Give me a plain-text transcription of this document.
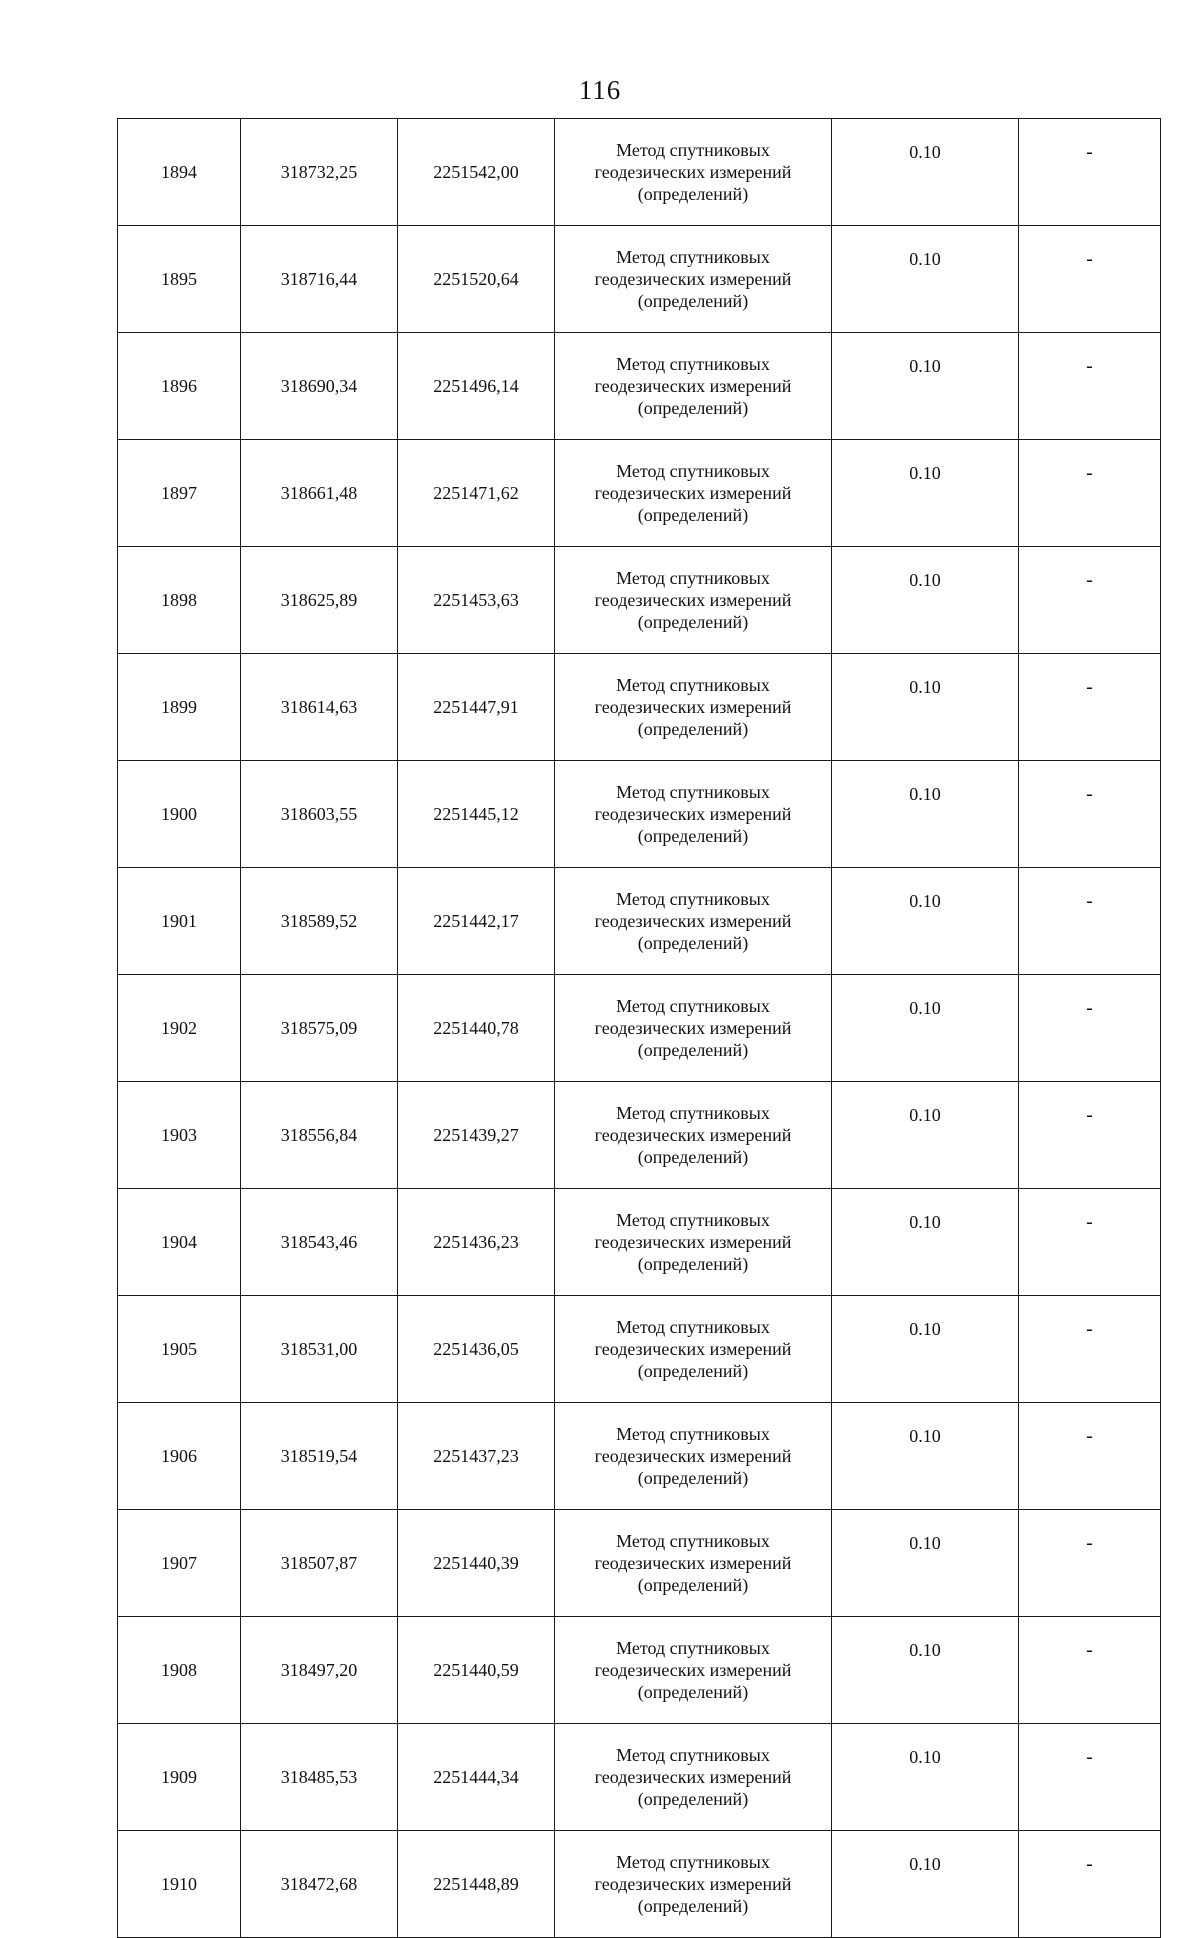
116
1894	318732,25	2251542,00	Метод спутниковых
геодезических измерений
(определений)	0.10	-
1895	318716,44	2251520,64	Метод спутниковых
геодезических измерений
(определений)	0.10	-
1896	318690,34	2251496,14	Метод спутниковых
геодезических измерений
(определений)	0.10	-
1897	318661,48	2251471,62	Метод спутниковых
геодезических измерений
(определений)	0.10	-
1898	318625,89	2251453,63	Метод спутниковых
геодезических измерений
(определений)	0.10	-
1899	318614,63	2251447,91	Метод спутниковых
геодезических измерений
(определений)	0.10	-
1900	318603,55	2251445,12	Метод спутниковых
геодезических измерений
(определений)	0.10	-
1901	318589,52	2251442,17	Метод спутниковых
геодезических измерений
(определений)	0.10	-
1902	318575,09	2251440,78	Метод спутниковых
геодезических измерений
(определений)	0.10	-
1903	318556,84	2251439,27	Метод спутниковых
геодезических измерений
(определений)	0.10	-
1904	318543,46	2251436,23	Метод спутниковых
геодезических измерений
(определений)	0.10	-
1905	318531,00	2251436,05	Метод спутниковых
геодезических измерений
(определений)	0.10	-
1906	318519,54	2251437,23	Метод спутниковых
геодезических измерений
(определений)	0.10	-
1907	318507,87	2251440,39	Метод спутниковых
геодезических измерений
(определений)	0.10	-
1908	318497,20	2251440,59	Метод спутниковых
геодезических измерений
(определений)	0.10	-
1909	318485,53	2251444,34	Метод спутниковых
геодезических измерений
(определений)	0.10	-
1910	318472,68	2251448,89	Метод спутниковых
геодезических измерений
(определений)	0.10	-
